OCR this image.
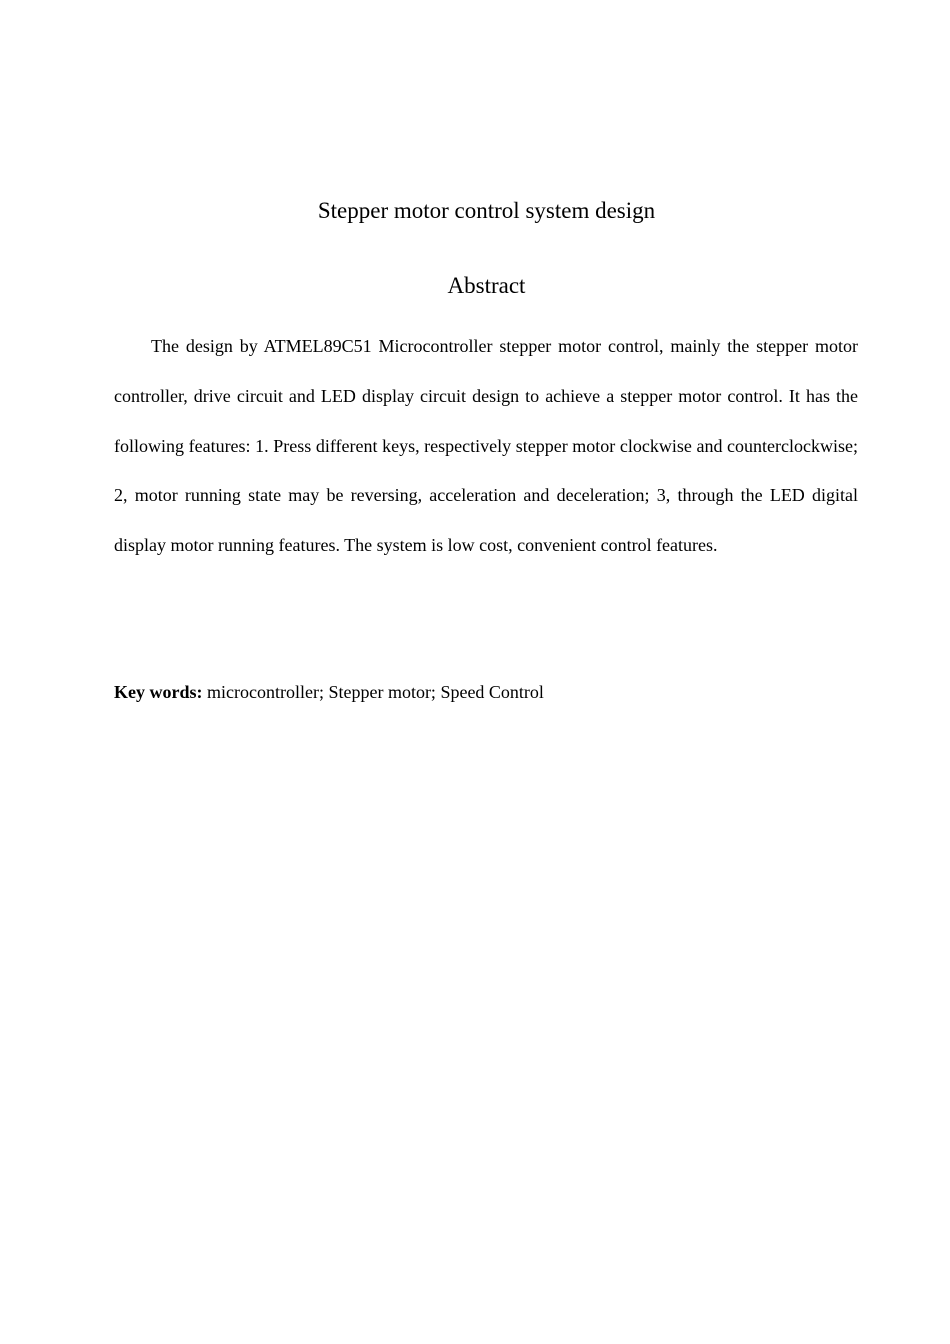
Stepper motor control system design
Abstract

The design by ATMEL89C51 Microcontroller stepper motor control, mainly the stepper motor controller, drive circuit and LED display circuit design to achieve a stepper motor control. It has the following features: 1. Press different keys, respectively stepper motor clockwise and counterclockwise; 2, motor running state may be reversing, acceleration and deceleration; 3, through the LED digital display motor running features. The system is low cost, convenient control features.

Key words: microcontroller; Stepper motor; Speed Control
